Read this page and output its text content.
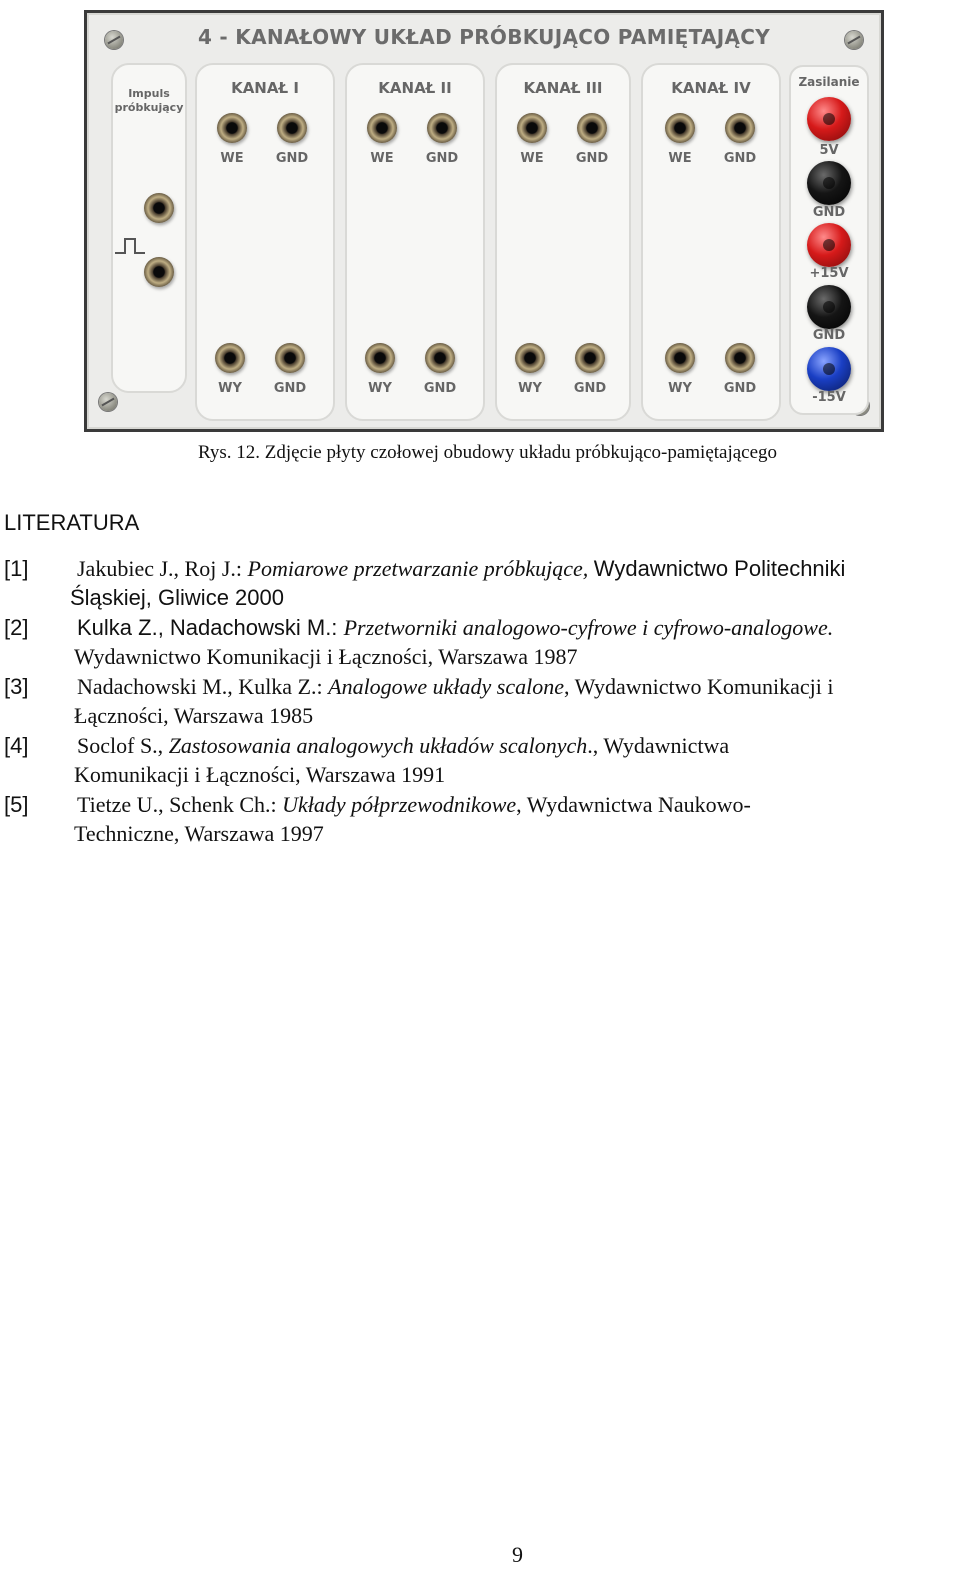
4 - KANAŁOWY UKŁAD PRÓBKUJĄCO PAMIĘTAJĄCY
Impuls
próbkujący
KANAŁ I
WE	GND
WY	GND
KANAŁ II
WE	GND
WY	GND
KANAŁ III
WE	GND
WY	GND
KANAŁ IV
WE	GND
WY	GND
Zasilanie
5V
GND
+15V
GND
-15V
Rys. 12. Zdjęcie płyty czołowej obudowy układu próbkująco-pamiętającego
LITERATURA
[1]	Jakubiec J., Roj J.: Pomiarowe przetwarzanie próbkujące, Wydawnictwo Politechniki
Śląskiej, Gliwice 2000
[2]	Kulka Z., Nadachowski M.: Przetworniki analogowo-cyfrowe i cyfrowo-analogowe.
Wydawnictwo Komunikacji i Łączności, Warszawa 1987
[3]	Nadachowski M., Kulka Z.: Analogowe układy scalone, Wydawnictwo Komunikacji i
Łączności, Warszawa 1985
[4]	Soclof S., Zastosowania analogowych układów scalonych., Wydawnictwa
Komunikacji i Łączności, Warszawa 1991
[5]	Tietze U., Schenk Ch.: Układy półprzewodnikowe, Wydawnictwa Naukowo-
Techniczne, Warszawa 1997
9
